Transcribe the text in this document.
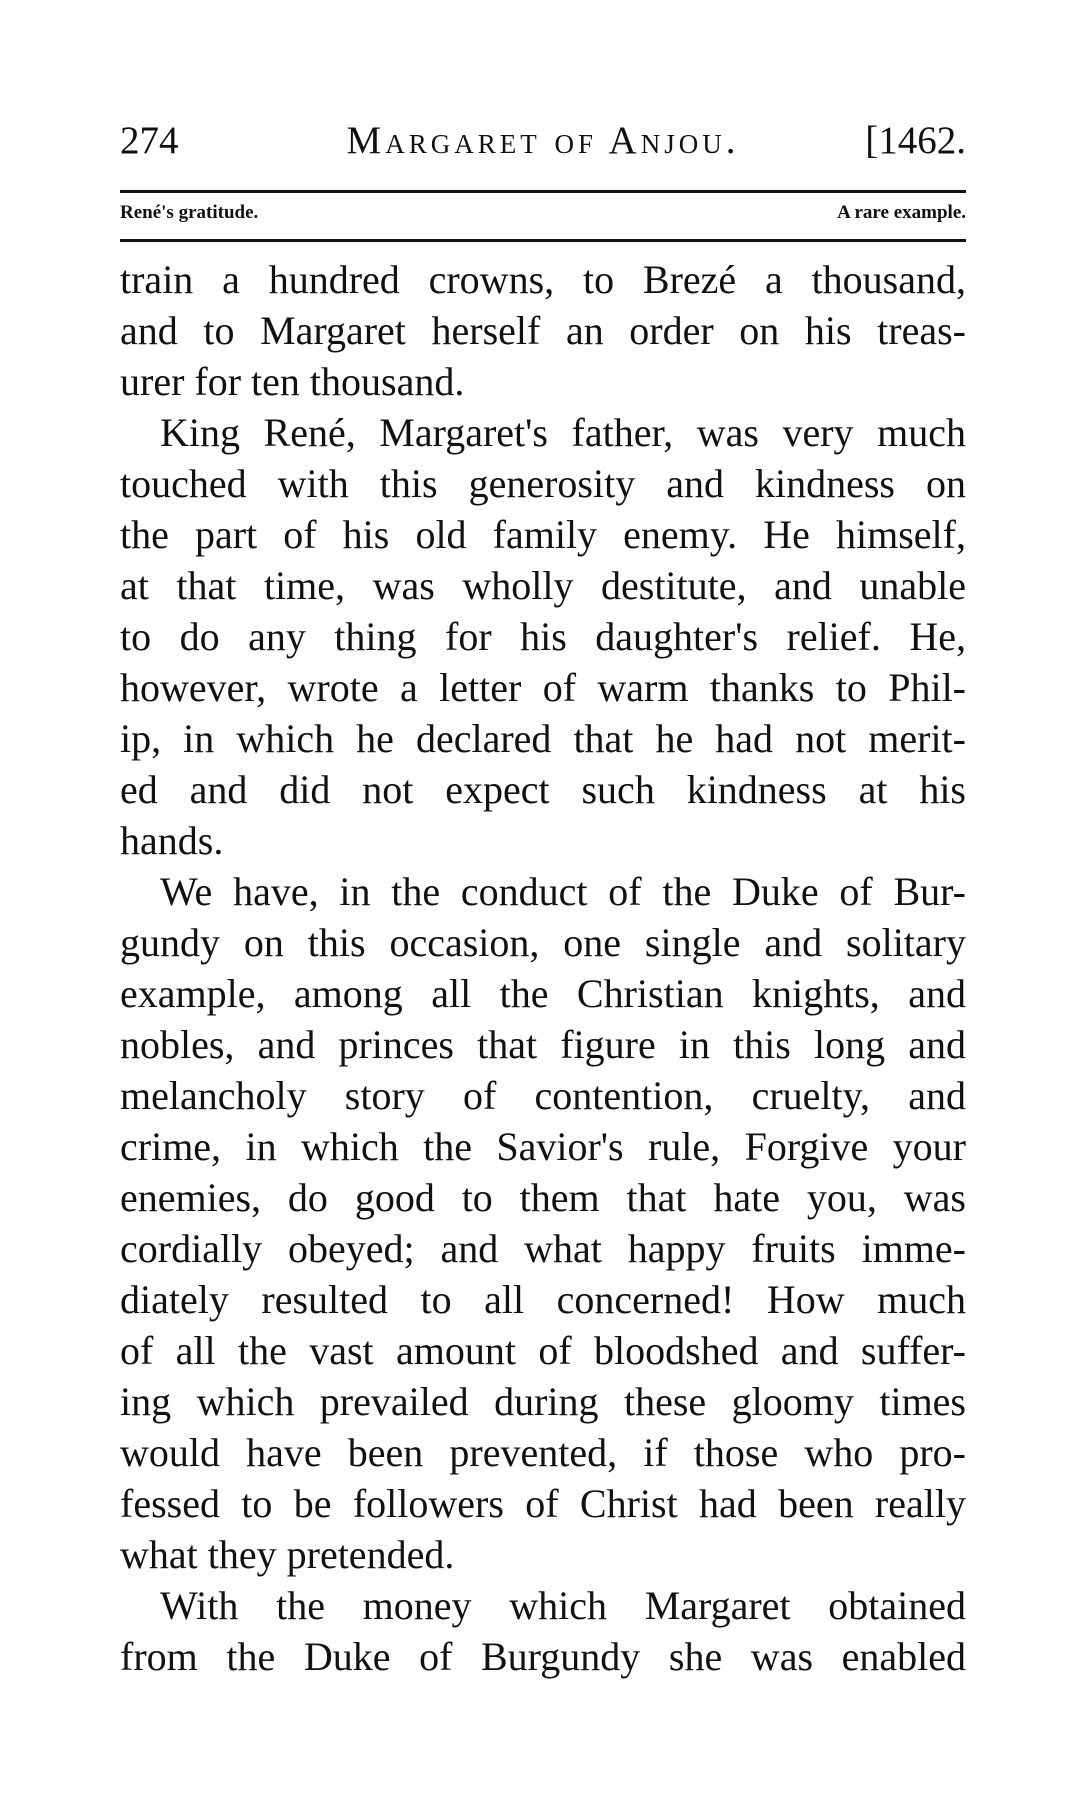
274	Margaret of Anjou.	[1462.
René's gratitude.	A rare example.
train a hundred crowns, to Brezé a thousand,
and to Margaret herself an order on his treas-
urer for ten thousand.
King René, Margaret's father, was very much
touched with this generosity and kindness on
the part of his old family enemy. He himself,
at that time, was wholly destitute, and unable
to do any thing for his daughter's relief. He,
however, wrote a letter of warm thanks to Phil-
ip, in which he declared that he had not merit-
ed and did not expect such kindness at his
hands.
We have, in the conduct of the Duke of Bur-
gundy on this occasion, one single and solitary
example, among all the Christian knights, and
nobles, and princes that figure in this long and
melancholy story of contention, cruelty, and
crime, in which the Savior's rule, Forgive your
enemies, do good to them that hate you, was
cordially obeyed; and what happy fruits imme-
diately resulted to all concerned! How much
of all the vast amount of bloodshed and suffer-
ing which prevailed during these gloomy times
would have been prevented, if those who pro-
fessed to be followers of Christ had been really
what they pretended.
With the money which Margaret obtained
from the Duke of Burgundy she was enabled
